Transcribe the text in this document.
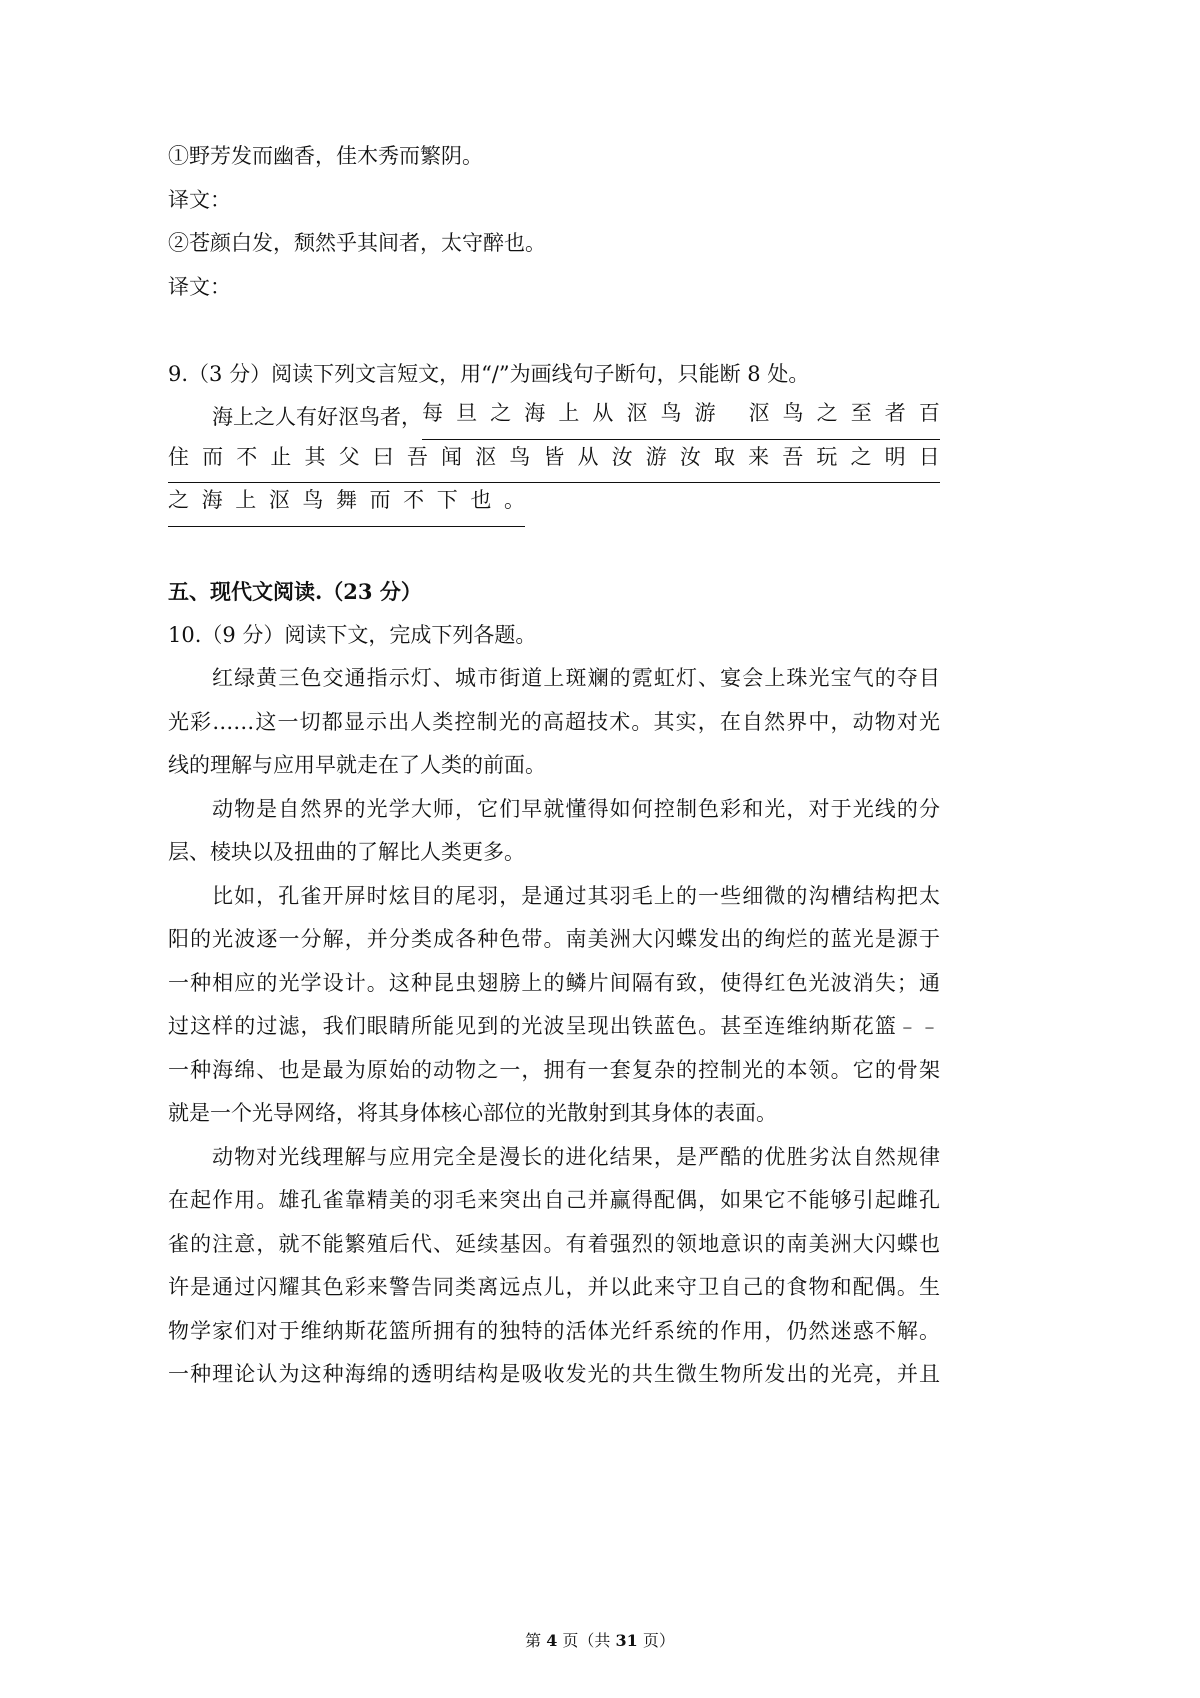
①野芳发而幽香，佳木秀而繁阴。
译文：
②苍颜白发，颓然乎其间者，太守醉也。
译文：
9.（3 分）阅读下列文言短文，用“/”为画线句子断句，只能断 8 处。
海上之人有好沤鸟者， 每 旦 之 海 上 从 沤 鸟 游
沤 鸟 之 至 者 百
住 而 不 止 其 父 曰 吾 闻 沤 鸟 皆 从 汝 游 汝 取 来 吾 玩 之 明 日
之 海 上 沤 鸟 舞 而 不 下 也 。
五、现代文阅读.（23 分）
10.（9 分）阅读下文，完成下列各题。
红绿黄三色交通指示灯、城市街道上斑斓的霓虹灯、宴会上珠光宝气的夺目
光彩……这一切都显示出人类控制光的高超技术。其实，在自然界中，动物对光
线的理解与应用早就走在了人类的前面。
动物是自然界的光学大师，它们早就懂得如何控制色彩和光，对于光线的分
层、棱块以及扭曲的了解比人类更多。
比如，孔雀开屏时炫目的尾羽，是通过其羽毛上的一些细微的沟槽结构把太
阳的光波逐一分解，并分类成各种色带。南美洲大闪蝶发出的绚烂的蓝光是源于
一种相应的光学设计。这种昆虫翅膀上的鳞片间隔有致，使得红色光波消失；通
过这样的过滤，我们眼睛所能见到的光波呈现出铁蓝色。甚至连维纳斯花篮﹣﹣
一种海绵、也是最为原始的动物之一，拥有一套复杂的控制光的本领。它的骨架
就是一个光导网络，将其身体核心部位的光散射到其身体的表面。
动物对光线理解与应用完全是漫长的进化结果，是严酷的优胜劣汰自然规律
在起作用。雄孔雀靠精美的羽毛来突出自己并赢得配偶，如果它不能够引起雌孔
雀的注意，就不能繁殖后代、延续基因。有着强烈的领地意识的南美洲大闪蝶也
许是通过闪耀其色彩来警告同类离远点儿，并以此来守卫自己的食物和配偶。生
物学家们对于维纳斯花篮所拥有的独特的活体光纤系统的作用，仍然迷惑不解。
一种理论认为这种海绵的透明结构是吸收发光的共生微生物所发出的光亮，并且
第 4 页（共 31 页）
